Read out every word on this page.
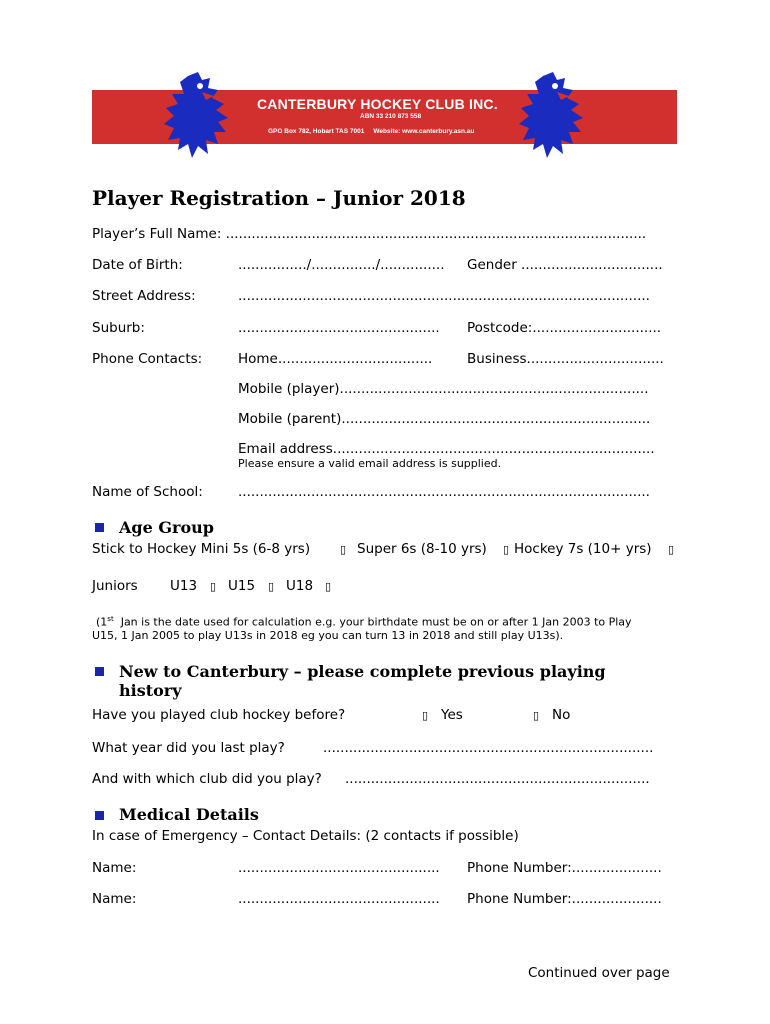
CANTERBURY HOCKEY CLUB INC.
ABN 33 210 873 558
GPO Box 782, Hobart TAS 7001     Website: www.canterbury.asn.au
Player Registration – Junior 2018
Player’s Full Name: ..................................................................................................
Date of Birth:	................/.............../............... Gender .................................
Street Address:	................................................................................................
Suburb:	............................................... Postcode:..............................
Phone Contacts:	Home....................................	Business................................
Mobile (player)........................................................................
Mobile (parent)........................................................................
Email address...........................................................................
Please ensure a valid email address is supplied.
Name of School:	................................................................................................
Age Group
Stick to Hockey Mini 5s (6-8 yrs)	▯ Super 6s (8-10 yrs) ▯ Hockey 7s (10+ yrs) ▯
Juniors U13 ▯ U15 ▯ U18 ▯
(1st  Jan is the date used for calculation e.g. your birthdate must be on or after 1 Jan 2003 to Play
U15, 1 Jan 2005 to play U13s in 2018 eg you can turn 13 in 2018 and still play U13s).
New to Canterbury – please complete previous playing
history
Have you played club hockey before?	▯ Yes	▯ No
What year did you last play?	.............................................................................
And with which club did you play? .......................................................................
Medical Details
In case of Emergency – Contact Details: (2 contacts if possible)
Name:	............................................... Phone Number:.....................
Name:	............................................... Phone Number:.....................
Continued over page
